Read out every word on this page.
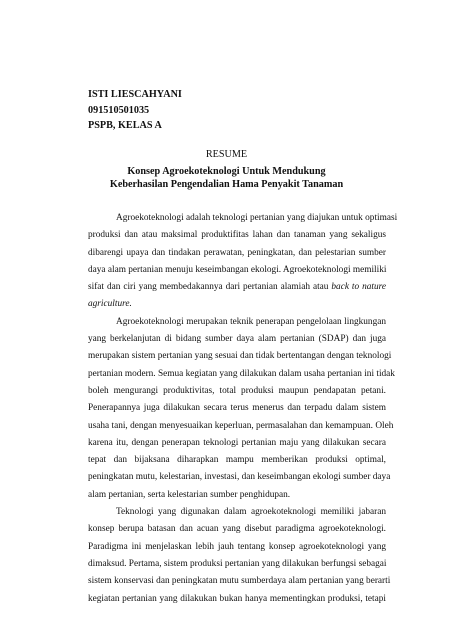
ISTI LIESCAHYANI
091510501035
PSPB, KELAS A
RESUME
Konsep Agroekoteknologi Untuk Mendukung
Keberhasilan Pengendalian Hama Penyakit Tanaman
Agroekoteknologi adalah teknologi pertanian yang diajukan untuk optimasi
produksi dan atau maksimal produktifitas lahan dan tanaman yang sekaligus
dibarengi upaya dan tindakan perawatan, peningkatan, dan pelestarian sumber
daya alam pertanian menuju keseimbangan ekologi. Agroekoteknologi memiliki
sifat dan ciri yang membedakannya dari pertanian alamiah atau back to nature
agriculture.
Agroekoteknologi merupakan teknik penerapan pengelolaan lingkungan
yang berkelanjutan di bidang sumber daya alam pertanian (SDAP) dan juga
merupakan sistem pertanian yang sesuai dan tidak bertentangan dengan teknologi
pertanian modern. Semua kegiatan yang dilakukan dalam usaha pertanian ini tidak
boleh mengurangi produktivitas, total produksi maupun pendapatan petani.
Penerapannya juga dilakukan secara terus menerus dan terpadu dalam sistem
usaha tani, dengan menyesuaikan keperluan, permasalahan dan kemampuan. Oleh
karena itu, dengan penerapan teknologi pertanian maju yang dilakukan secara
tepat dan bijaksana diharapkan mampu memberikan produksi optimal,
peningkatan mutu, kelestarian, investasi, dan keseimbangan ekologi sumber daya
alam pertanian, serta kelestarian sumber penghidupan.
Teknologi yang digunakan dalam agroekoteknologi memiliki jabaran
konsep berupa batasan dan acuan yang disebut paradigma agroekoteknologi.
Paradigma ini menjelaskan lebih jauh tentang konsep agroekoteknologi yang
dimaksud. Pertama, sistem produksi pertanian yang dilakukan berfungsi sebagai
sistem konservasi dan peningkatan mutu sumberdaya alam pertanian yang berarti
kegiatan pertanian yang dilakukan bukan hanya mementingkan produksi, tetapi
